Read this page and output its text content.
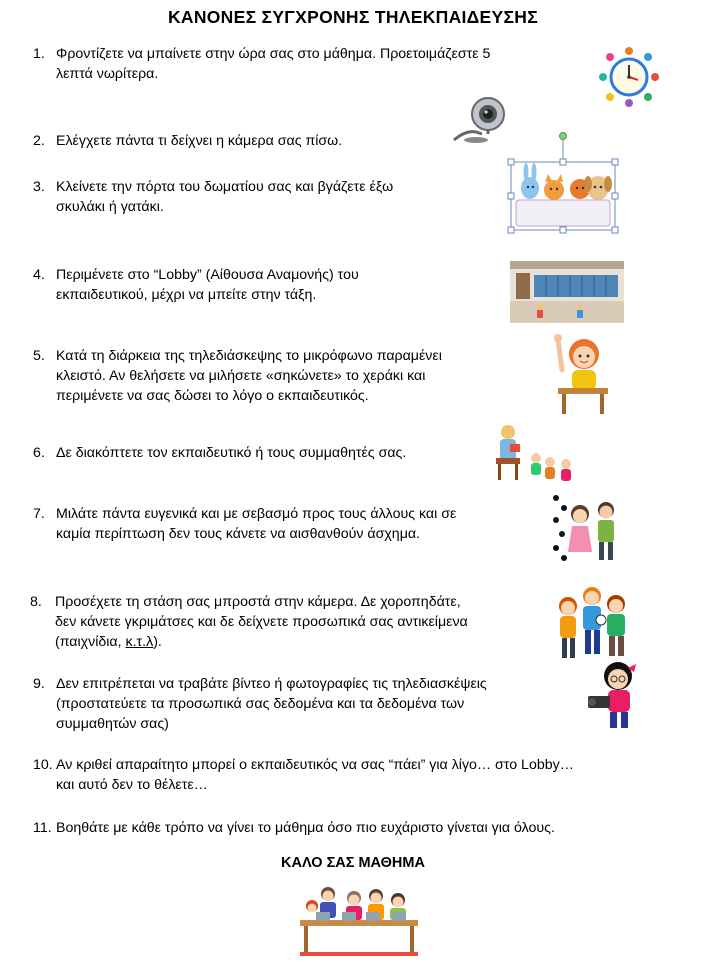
ΚΑΝΟΝΕΣ ΣΥΓΧΡΟΝΗΣ ΤΗΛΕΚΠΑΙΔΕΥΣΗΣ
1. Φροντίζετε να μπαίνετε στην ώρα σας στο μάθημα. Προετοιμάζεστε 5
λεπτά νωρίτερα.
2. Ελέγχετε πάντα τι δείχνει η κάμερα σας πίσω.
3. Κλείνετε την πόρτα του δωματίου σας και βγάζετε έξω
σκυλάκι ή γατάκι.
4. Περιμένετε στο “Lobby” (Αίθουσα Αναμονής) του
εκπαιδευτικού, μέχρι να μπείτε στην τάξη.
5. Κατά τη διάρκεια της τηλεδιάσκεψης το μικρόφωνο παραμένει
κλειστό. Αν θελήσετε να μιλήσετε «σηκώνετε» το χεράκι και
περιμένετε να σας δώσει το λόγο ο εκπαιδευτικός.
6. Δε διακόπτετε τον εκπαιδευτικό ή τους συμμαθητές σας.
7. Μιλάτε πάντα ευγενικά και με σεβασμό προς τους άλλους και σε
καμία περίπτωση δεν τους κάνετε να αισθανθούν άσχημα.
8. Προσέχετε τη στάση σας μπροστά στην κάμερα. Δε χοροπηδάτε,
δεν κάνετε γκριμάτσες και δε δείχνετε προσωπικά σας αντικείμενα
(παιχνίδια, κ.τ.λ).
9. Δεν επιτρέπεται να τραβάτε βίντεο ή φωτογραφίες τις τηλεδιασκέψεις
(προστατεύετε τα προσωπικά σας δεδομένα και τα δεδομένα των
συμμαθητών σας)
10. Αν κριθεί απαραίτητο μπορεί ο εκπαιδευτικός να σας “πάει” για λίγο… στο Lobby…
και αυτό δεν το θέλετε…
11. Βοηθάτε με κάθε τρόπο να γίνει το μάθημα όσο πιο ευχάριστο γίνεται για όλους.
ΚΑΛΟ ΣΑΣ ΜΑΘΗΜΑ
